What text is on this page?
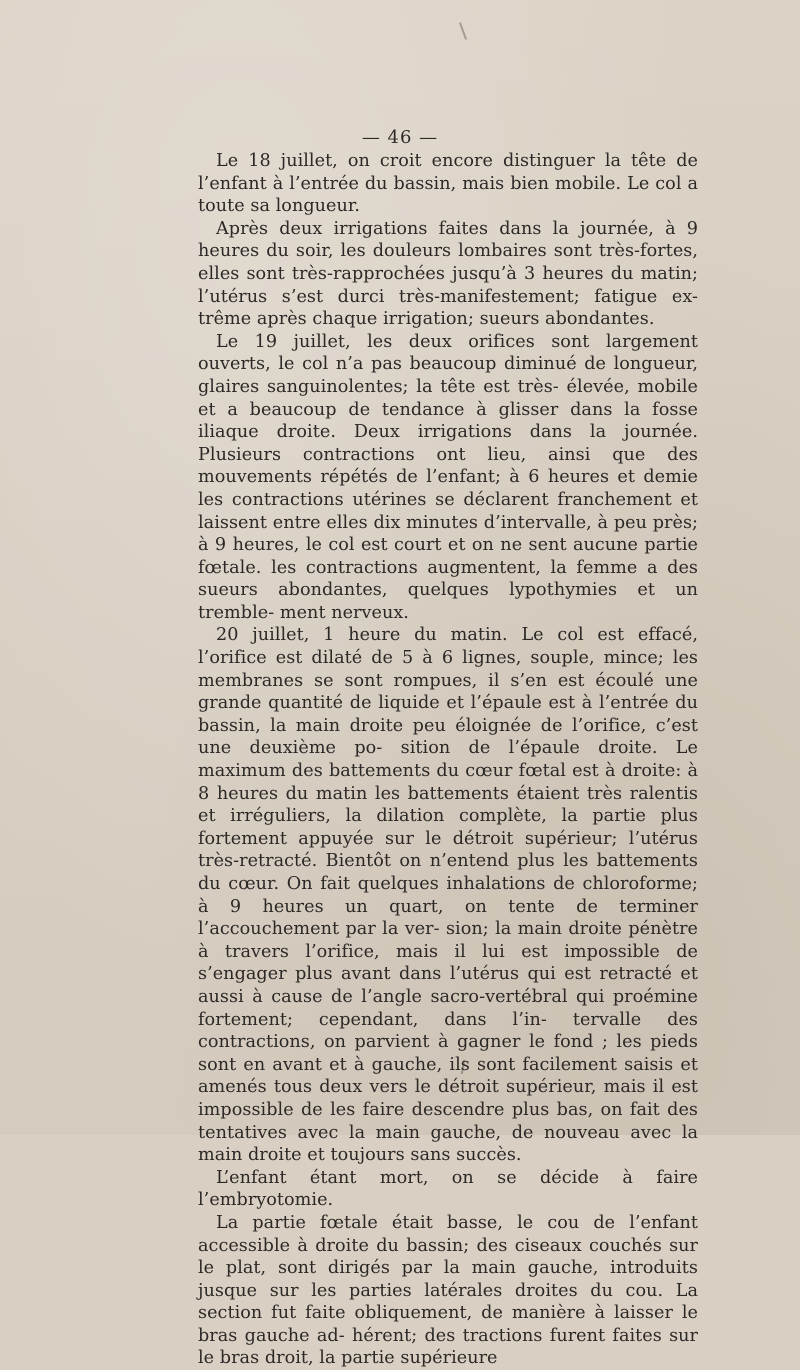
— 46 —

Le 18 juillet, on croit encore distinguer la tête de l’enfant à l’entrée du bassin, mais bien mobile. Le col a toute sa longueur.

Après deux irrigations faites dans la journée, à 9 heures du soir, les douleurs lombaires sont très-fortes, elles sont très-rapprochées jusqu’à 3 heures du matin; l’utérus s’est durci très-manifestement; fatigue ex- trême après chaque irrigation; sueurs abondantes.

Le 19 juillet, les deux orifices sont largement ouverts, le col n’a pas beaucoup diminué de longueur, glaires sanguinolentes; la tête est très- élevée, mobile et a beaucoup de tendance à glisser dans la fosse iliaque droite. Deux irrigations dans la journée. Plusieurs contractions ont lieu, ainsi que des mouvements répétés de l’enfant; à 6 heures et demie les contractions utérines se déclarent franchement et laissent entre elles dix minutes d’intervalle, à peu près; à 9 heures, le col est court et on ne sent aucune partie fœtale. les contractions augmentent, la femme a des sueurs abondantes, quelques lypothymies et un tremble- ment nerveux.

20 juillet, 1 heure du matin. Le col est effacé, l’orifice est dilaté de 5 à 6 lignes, souple, mince; les membranes se sont rompues, il s’en est écoulé une grande quantité de liquide et l’épaule est à l’entrée du bassin, la main droite peu éloignée de l’orifice, c’est une deuxième po- sition de l’épaule droite. Le maximum des battements du cœur fœtal est à droite: à 8 heures du matin les battements étaient très ralentis et irréguliers, la dilation complète, la partie plus fortement appuyée sur le détroit supérieur; l’utérus très-retracté. Bientôt on n’entend plus les battements du cœur. On fait quelques inhalations de chloroforme; à 9 heures un quart, on tente de terminer l’accouchement par la ver- sion; la main droite pénètre à travers l’orifice, mais il lui est impossible de s’engager plus avant dans l’utérus qui est retracté et aussi à cause de l’angle sacro-vertébral qui proémine fortement; cependant, dans l’in- tervalle des contractions, on parvient à gagner le fond ; les pieds sont en avant et à gauche, ils sont facilement saisis et amenés tous deux vers le détroit supérieur, mais il est impossible de les faire descendre plus bas, on fait des tentatives avec la main gauche, de nouveau avec la main droite et toujours sans succès.

L’enfant étant mort, on se décide à faire l’embryotomie.

La partie fœtale était basse, le cou de l’enfant accessible à droite du bassin; des ciseaux couchés sur le plat, sont dirigés par la main gauche, introduits jusque sur les parties latérales droites du cou. La section fut faite obliquement, de manière à laisser le bras gauche ad- hérent; des tractions furent faites sur le bras droit, la partie supérieure
